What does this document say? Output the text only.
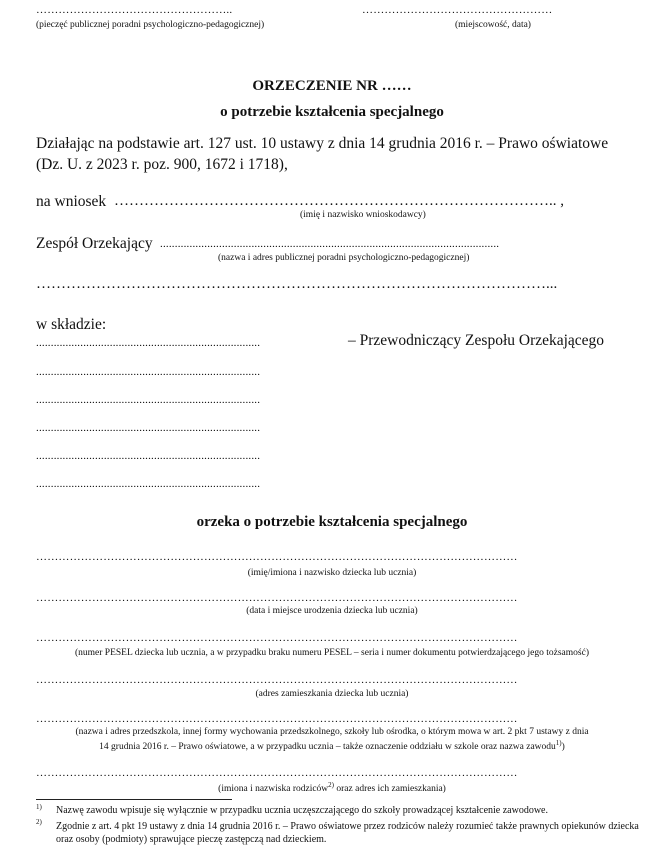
……………………………………………..
(pieczęć publicznej poradni psychologiczno-pedagogicznej)
……………………………………………
(miejscowość, data)
ORZECZENIE NR ……
o potrzebie kształcenia specjalnego
Działając na podstawie art. 127 ust. 10 ustawy z dnia 14 grudnia 2016 r. – Prawo oświatowe
(Dz. U. z 2023 r. poz. 900, 1672 i 1718),
na wniosek …………………………………………………………………………….. ,
(imię i nazwisko wnioskodawcy)
Zespół Orzekający ...................................................................................................................
(nazwa i adres publicznej poradni psychologiczno-pedagogicznej)
…………………………………………………………………………………………...
w składzie:
............................................................................	– Przewodniczący Zespołu Orzekającego
............................................................................
............................................................................
............................................................................
............................................................................
............................................................................
orzeka o potrzebie kształcenia specjalnego
…………………………………………………………………………………………………………………
(imię/imiona i nazwisko dziecka lub ucznia)
…………………………………………………………………………………………………………………
(data i miejsce urodzenia dziecka lub ucznia)
…………………………………………………………………………………………………………………
(numer PESEL dziecka lub ucznia, a w przypadku braku numeru PESEL – seria i numer dokumentu potwierdzającego jego tożsamość)
…………………………………………………………………………………………………………………
(adres zamieszkania dziecka lub ucznia)
…………………………………………………………………………………………………………………
(nazwa i adres przedszkola, innej formy wychowania przedszkolnego, szkoły lub ośrodka, o którym mowa w art. 2 pkt 7 ustawy z dnia
14 grudnia 2016 r. – Prawo oświatowe, a w przypadku ucznia – także oznaczenie oddziału w szkole oraz nazwa zawodu$^{1)}$)
…………………………………………………………………………………………………………………
(imiona i nazwiska rodziców$^{2)}$ oraz adres ich zamieszkania)
$^{1)}$	Nazwę zawodu wpisuje się wyłącznie w przypadku ucznia uczęszczającego do szkoły prowadzącej kształcenie zawodowe.
$^{2)}$	Zgodnie z art. 4 pkt 19 ustawy z dnia 14 grudnia 2016 r. – Prawo oświatowe przez rodziców należy rozumieć także prawnych opiekunów dziecka oraz osoby (podmioty) sprawujące pieczę zastępczą nad dzieckiem.
